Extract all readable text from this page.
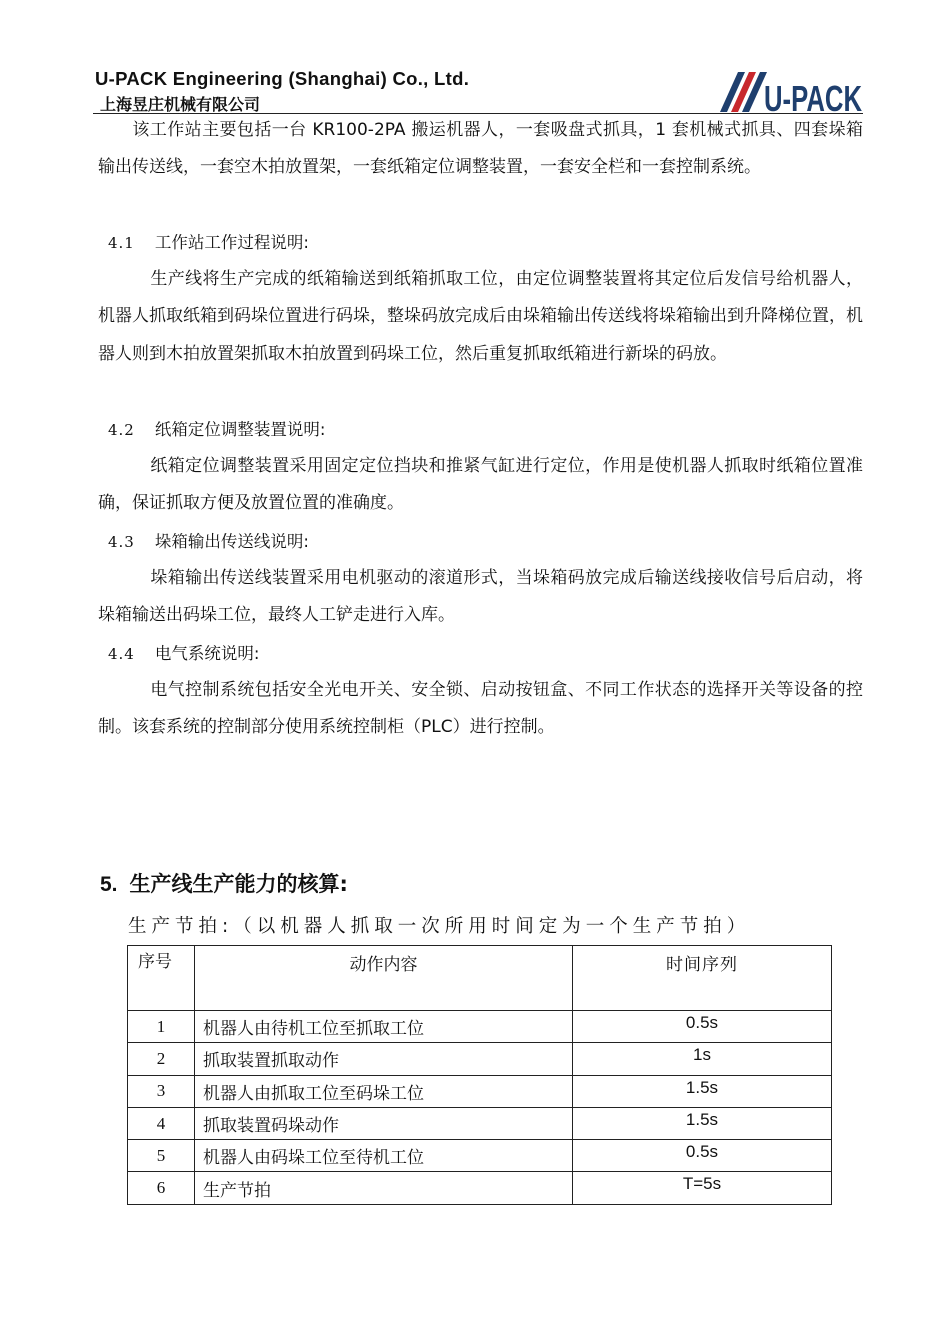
U-PACK Engineering (Shanghai) Co., Ltd.
上海昱庄机械有限公司	U-PACK
该工作站主要包括一台 KR100-2PA 搬运机器人，一套吸盘式抓具，1 套机械式抓具、四套垛箱输出传送线，一套空木拍放置架，一套纸箱定位调整装置，一套安全栏和一套控制系统。
4.1 工作站工作过程说明:
生产线将生产完成的纸箱输送到纸箱抓取工位，由定位调整装置将其定位后发信号给机器人，机器人抓取纸箱到码垛位置进行码垛，整垛码放完成后由垛箱输出传送线将垛箱输出到升降梯位置，机器人则到木拍放置架抓取木拍放置到码垛工位，然后重复抓取纸箱进行新垛的码放。
4.2 纸箱定位调整装置说明:
纸箱定位调整装置采用固定定位挡块和推紧气缸进行定位，作用是使机器人抓取时纸箱位置准确，保证抓取方便及放置位置的准确度。
4.3 垛箱输出传送线说明:
垛箱输出传送线装置采用电机驱动的滚道形式，当垛箱码放完成后输送线接收信号后启动，将垛箱输送出码垛工位，最终人工铲走进行入库。
4.4 电气系统说明:
电气控制系统包括安全光电开关、安全锁、启动按钮盒、不同工作状态的选择开关等设备的控制。该套系统的控制部分使用系统控制柜（PLC）进行控制。
5. 生产线生产能力的核算:
生产节拍:（以机器人抓取一次所用时间定为一个生产节拍）
序号	动作内容	时间序列
1	机器人由待机工位至抓取工位	0.5s
2	抓取装置抓取动作	1s
3	机器人由抓取工位至码垛工位	1.5s
4	抓取装置码垛动作	1.5s
5	机器人由码垛工位至待机工位	0.5s
6	生产节拍	T=5s
